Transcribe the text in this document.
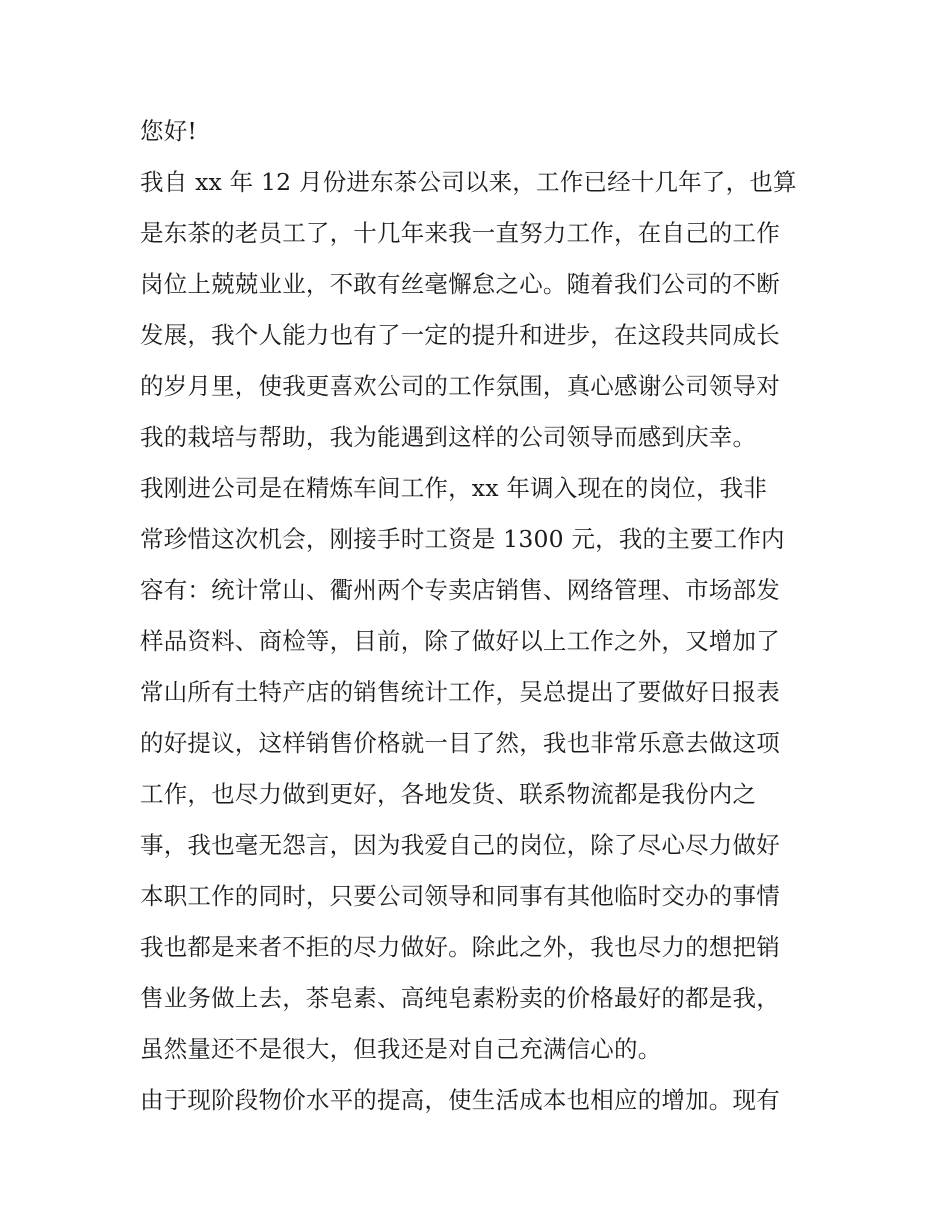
您好!
我自 xx 年 12 月份进东茶公司以来，工作已经十几年了，也算
是东茶的老员工了，十几年来我一直努力工作，在自己的工作
岗位上兢兢业业，不敢有丝毫懈怠之心。随着我们公司的不断
发展，我个人能力也有了一定的提升和进步，在这段共同成长
的岁月里，使我更喜欢公司的工作氛围，真心感谢公司领导对
我的栽培与帮助，我为能遇到这样的公司领导而感到庆幸。
我刚进公司是在精炼车间工作，xx 年调入现在的岗位，我非
常珍惜这次机会，刚接手时工资是 1300 元，我的主要工作内
容有：统计常山、衢州两个专卖店销售、网络管理、市场部发
样品资料、商检等，目前，除了做好以上工作之外，又增加了
常山所有土特产店的销售统计工作，吴总提出了要做好日报表
的好提议，这样销售价格就一目了然，我也非常乐意去做这项
工作，也尽力做到更好，各地发货、联系物流都是我份内之
事，我也毫无怨言，因为我爱自己的岗位，除了尽心尽力做好
本职工作的同时，只要公司领导和同事有其他临时交办的事情
我也都是来者不拒的尽力做好。除此之外，我也尽力的想把销
售业务做上去，茶皂素、高纯皂素粉卖的价格最好的都是我，
虽然量还不是很大，但我还是对自己充满信心的。
由于现阶段物价水平的提高，使生活成本也相应的增加。现有
